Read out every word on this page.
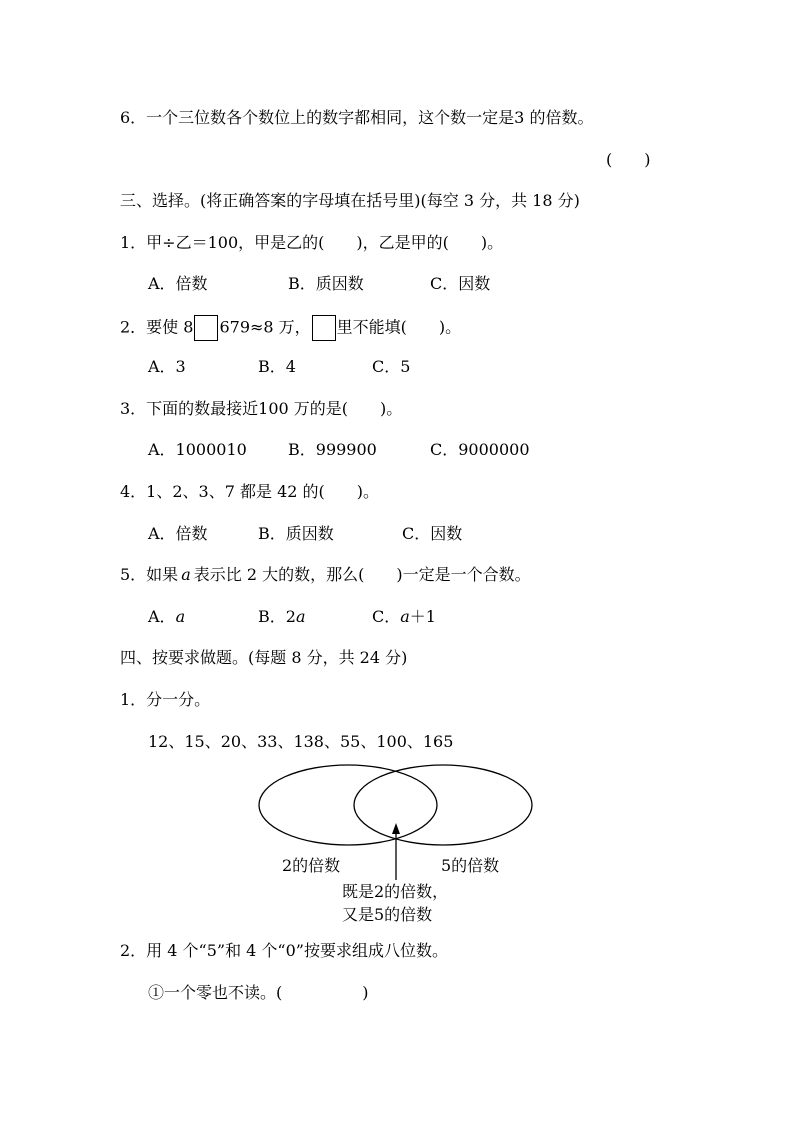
6．一个三位数各个数位上的数字都相同，这个数一定是3 的倍数。
(　　)
三、选择。(将正确答案的字母填在括号里)(每空 3 分，共 18 分)
1．甲÷乙＝100，甲是乙的(　　)，乙是甲的(　　)。
A．倍数	B．质因数	C．因数
2．要使 8 679≈8 万， 里不能填(　　)。
A．3	B．4	C．5
3．下面的数最接近100 万的是(　　)。
A．1000010	B．999900	C．9000000
4．1、2、3、7 都是 42 的(　　)。
A．倍数	B．质因数	C．因数
5．如果 a 表示比 2 大的数，那么(　　)一定是一个合数。
A．a	B．2a	C．a＋1
四、按要求做题。(每题 8 分，共 24 分)
1．分一分。
12、15、20、33、138、55、100、165
2的倍数	5的倍数
既是2的倍数，
又是5的倍数
2．用 4 个“5”和 4 个“0”按要求组成八位数。
①一个零也不读。(　　　　　)
